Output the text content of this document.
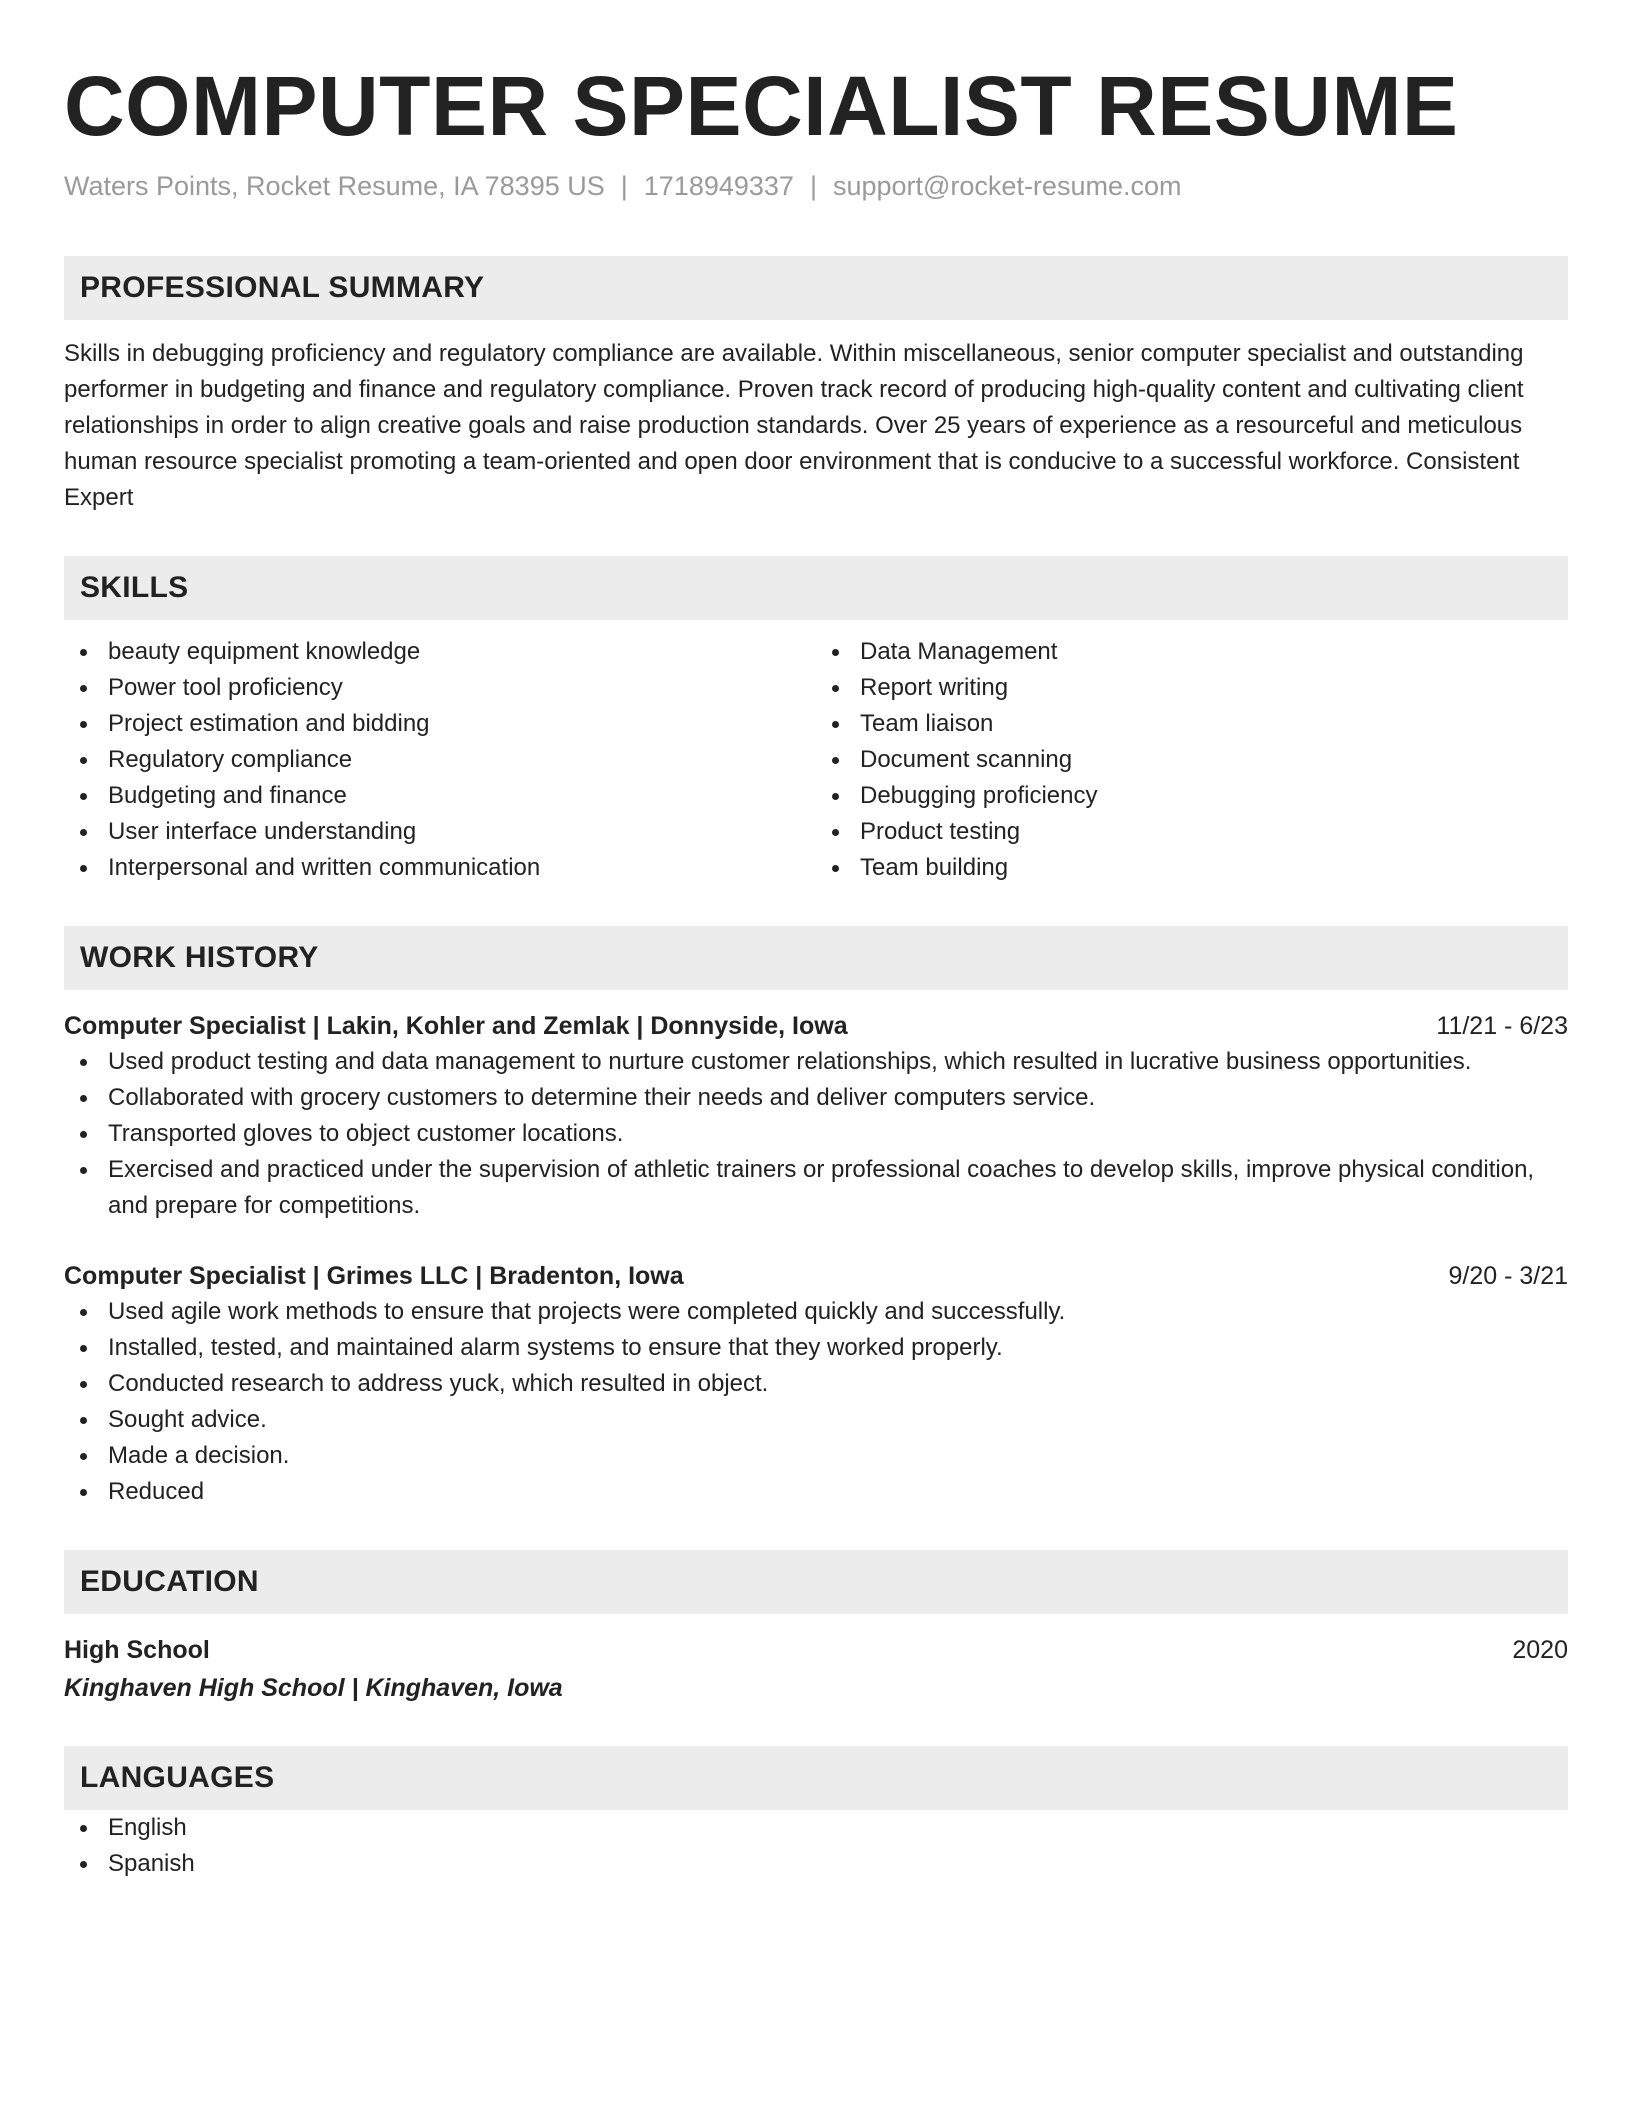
COMPUTER SPECIALIST RESUME
Waters Points, Rocket Resume, IA 78395 US | 1718949337 | support@rocket-resume.com
PROFESSIONAL SUMMARY

Skills in debugging proficiency and regulatory compliance are available. Within miscellaneous, senior computer specialist and outstanding performer in budgeting and finance and regulatory compliance. Proven track record of producing high-quality content and cultivating client relationships in order to align creative goals and raise production standards. Over 25 years of experience as a resourceful and meticulous human resource specialist promoting a team-oriented and open door environment that is conducive to a successful workforce. Consistent Expert

SKILLS
beauty equipment knowledge
Power tool proficiency
Project estimation and bidding
Regulatory compliance
Budgeting and finance
User interface understanding
Interpersonal and written communication
Data Management
Report writing
Team liaison
Document scanning
Debugging proficiency
Product testing
Team building
WORK HISTORY
Computer Specialist | Lakin, Kohler and Zemlak | Donnyside, Iowa	11/21 - 6/23
Used product testing and data management to nurture customer relationships, which resulted in lucrative business opportunities.
Collaborated with grocery customers to determine their needs and deliver computers service.
Transported gloves to object customer locations.
Exercised and practiced under the supervision of athletic trainers or professional coaches to develop skills, improve physical condition, and prepare for competitions.
Computer Specialist | Grimes LLC | Bradenton, Iowa	9/20 - 3/21
Used agile work methods to ensure that projects were completed quickly and successfully.
Installed, tested, and maintained alarm systems to ensure that they worked properly.
Conducted research to address yuck, which resulted in object.
Sought advice.
Made a decision.
Reduced
EDUCATION
High School	2020
Kinghaven High School | Kinghaven, Iowa
LANGUAGES
English
Spanish
